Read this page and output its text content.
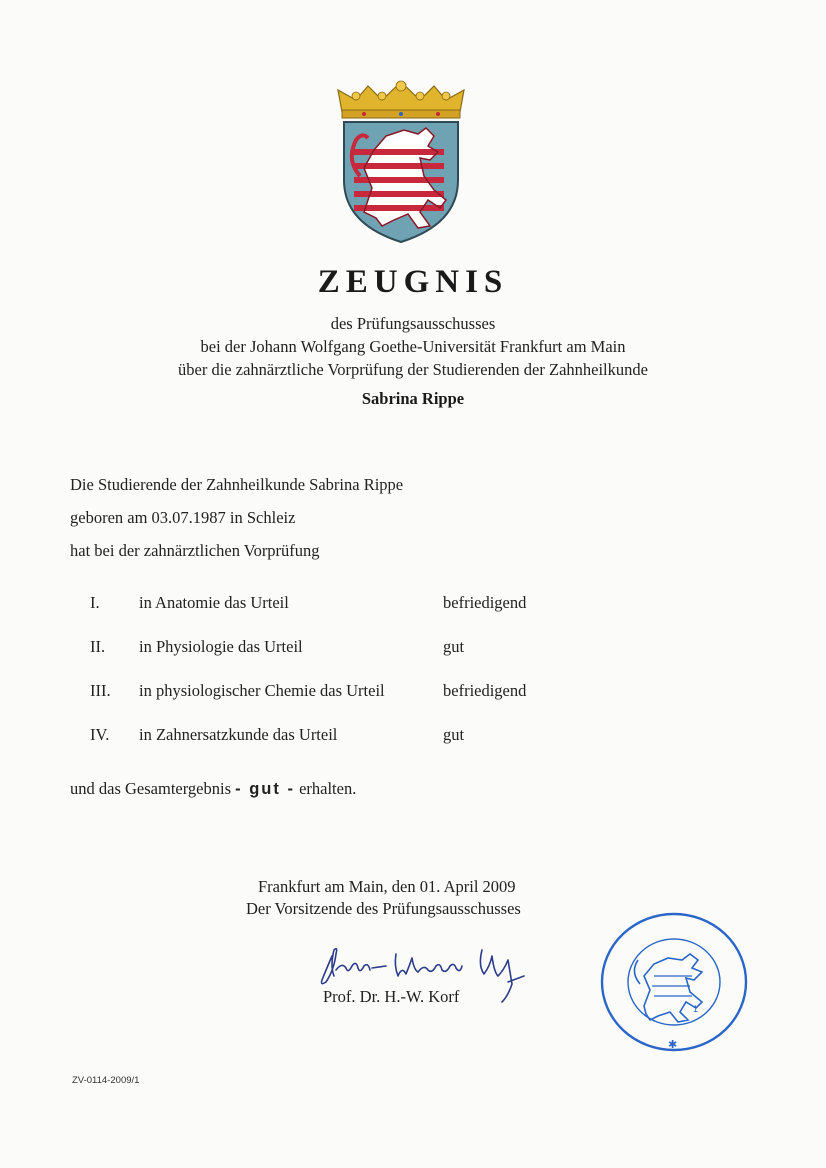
ZEUGNIS
des Prüfungsausschusses
bei der Johann Wolfgang Goethe-Universität Frankfurt am Main
über die zahnärztliche Vorprüfung der Studierenden der Zahnheilkunde
Sabrina Rippe
Die Studierende der Zahnheilkunde Sabrina Rippe
geboren am 03.07.1987 in Schleiz
hat bei der zahnärztlichen Vorprüfung
I. in Anatomie das Urteil	befriedigend
II. in Physiologie das Urteil	gut
III. in physiologischer Chemie das Urteil	befriedigend
IV. in Zahnersatzkunde das Urteil	gut
und das Gesamtergebnis - gut - erhalten.
Frankfurt am Main, den 01. April 2009
Der Vorsitzende des Prüfungsausschusses
Prof. Dr. H.-W. Korf
1
✱
ZV-0114-2009/1
